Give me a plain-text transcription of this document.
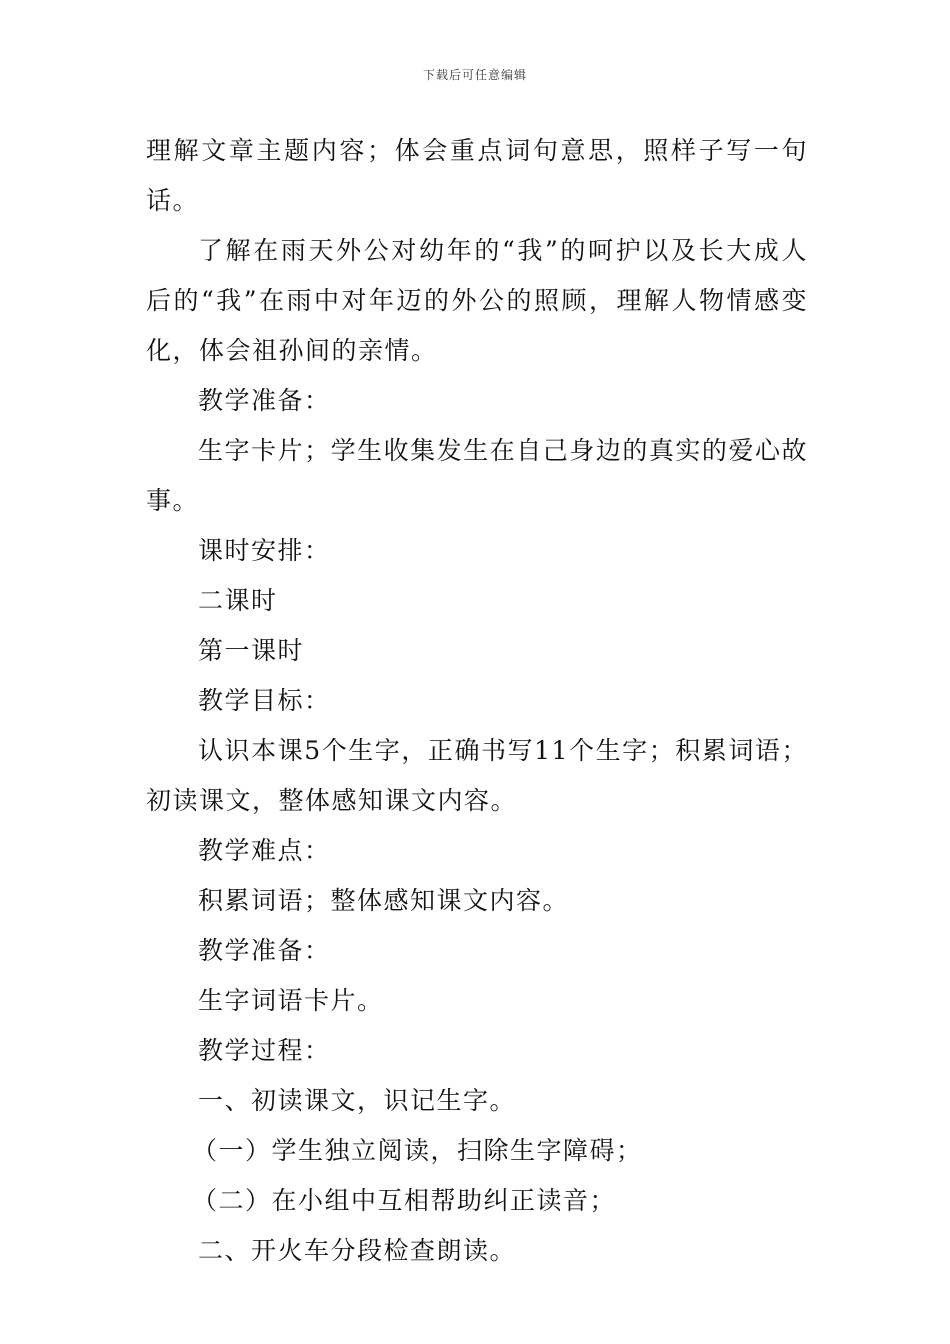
下载后可任意编辑

理解文章主题内容；体会重点词句意思，照样子写一句话。

了解在雨天外公对幼年的“我”的呵护以及长大成人后的“我”在雨中对年迈的外公的照顾，理解人物情感变化，体会祖孙间的亲情。

教学准备：

生字卡片；学生收集发生在自己身边的真实的爱心故事。

课时安排：

二课时

第一课时

教学目标：

认识本课5个生字，正确书写11个生字；积累词语；初读课文，整体感知课文内容。

教学难点：

积累词语；整体感知课文内容。

教学准备：

生字词语卡片。

教学过程：

一、初读课文，识记生字。

（一）学生独立阅读，扫除生字障碍；

（二）在小组中互相帮助纠正读音；

二、开火车分段检查朗读。
